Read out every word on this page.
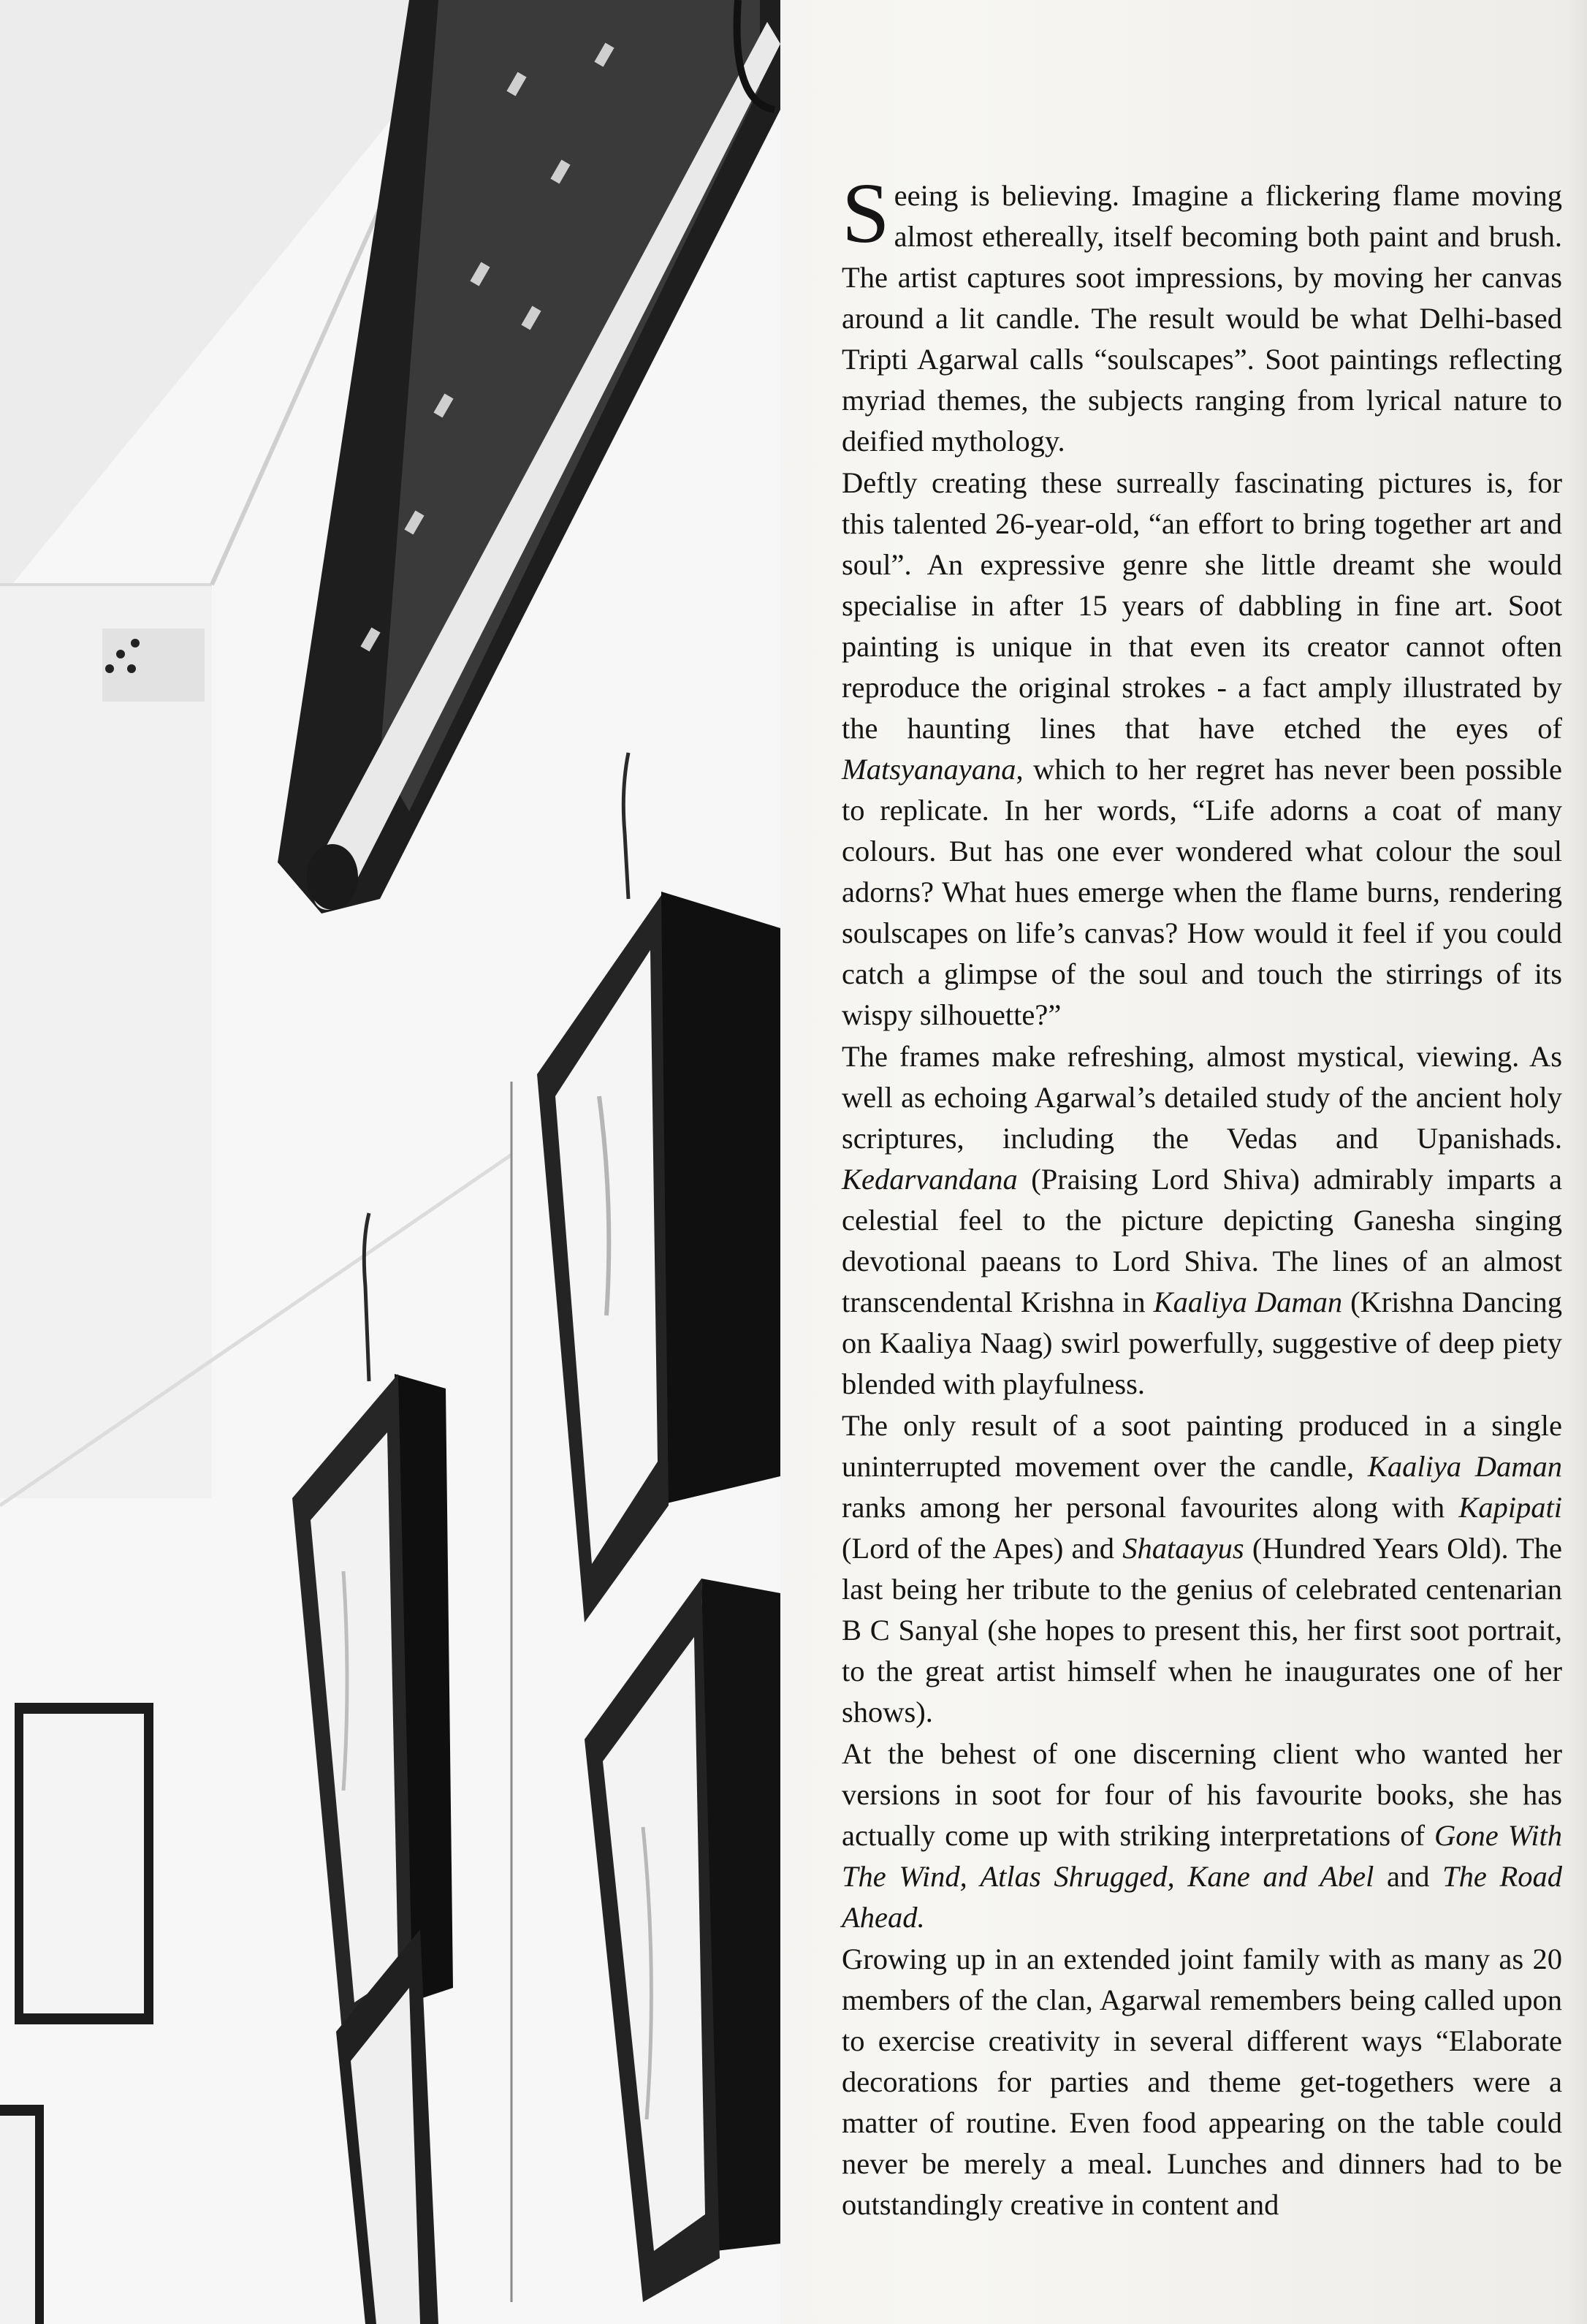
Seeing is believing. Imagine a flickering flame moving almost ethereally, itself becoming both paint and brush. The artist captures soot impressions, by moving her canvas around a lit candle. The result would be what Delhi-based Tripti Agarwal calls “soulscapes”. Soot paintings reflecting myriad themes, the subjects ranging from lyrical nature to deified mythology.

Deftly creating these surreally fascinating pictures is, for this talented 26-year-old, “an effort to bring together art and soul”. An expressive genre she little dreamt she would specialise in after 15 years of dabbling in fine art. Soot painting is unique in that even its creator cannot often reproduce the original strokes - a fact amply illustrated by the haunting lines that have etched the eyes of Matsyanayana, which to her regret has never been possible to replicate. In her words, “Life adorns a coat of many colours. But has one ever wondered what colour the soul adorns? What hues emerge when the flame burns, rendering soulscapes on life’s canvas? How would it feel if you could catch a glimpse of the soul and touch the stirrings of its wispy silhouette?”

The frames make refreshing, almost mystical, viewing. As well as echoing Agarwal’s detailed study of the ancient holy scriptures, including the Vedas and Upanishads. Kedarvandana (Praising Lord Shiva) admirably imparts a celestial feel to the picture depicting Ganesha singing devotional paeans to Lord Shiva. The lines of an almost transcendental Krishna in Kaaliya Daman (Krishna Dancing on Kaaliya Naag) swirl powerfully, suggestive of deep piety blended with playfulness.

The only result of a soot painting produced in a single uninterrupted movement over the candle, Kaaliya Daman ranks among her personal favourites along with Kapipati (Lord of the Apes) and Shataayus (Hundred Years Old). The last being her tribute to the genius of celebrated centenarian B C Sanyal (she hopes to present this, her first soot portrait, to the great artist himself when he inaugurates one of her shows).

At the behest of one discerning client who wanted her versions in soot for four of his favourite books, she has actually come up with striking interpretations of Gone With The Wind, Atlas Shrugged, Kane and Abel and The Road Ahead.

Growing up in an extended joint family with as many as 20 members of the clan, Agarwal remembers being called upon to exercise creativity in several different ways “Elaborate decorations for parties and theme get-togethers were a matter of routine. Even food appearing on the table could never be merely a meal. Lunches and dinners had to be outstandingly creative in content and
